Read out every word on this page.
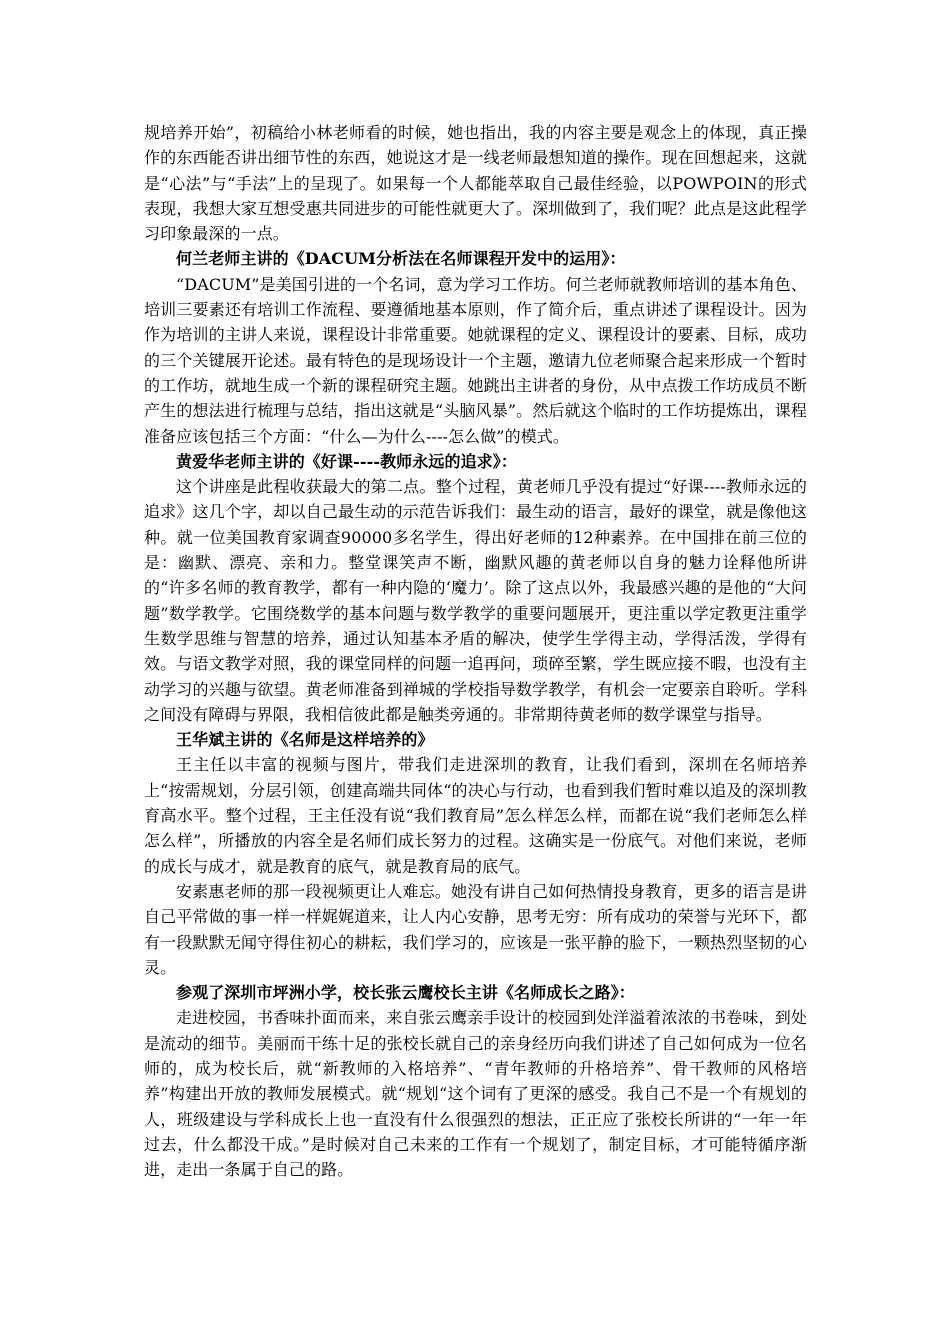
规培养开始”，初稿给小林老师看的时候，她也指出，我的内容主要是观念上的体现，真正操作的东西能否讲出细节性的东西，她说这才是一线老师最想知道的操作。现在回想起来，这就是“心法”与“手法”上的呈现了。如果每一个人都能萃取自己最佳经验，以POWPOIN的形式表现，我想大家互想受惠共同进步的可能性就更大了。深圳做到了，我们呢？此点是这此程学习印象最深的一点。

何兰老师主讲的《DACUM分析法在名师课程开发中的运用》：

“DACUM”是美国引进的一个名词，意为学习工作坊。何兰老师就教师培训的基本角色、培训三要素还有培训工作流程、要遵循地基本原则，作了简介后，重点讲述了课程设计。因为作为培训的主讲人来说，课程设计非常重要。她就课程的定义、课程设计的要素、目标，成功的三个关键展开论述。最有特色的是现场设计一个主题，邀请九位老师聚合起来形成一个暂时的工作坊，就地生成一个新的课程研究主题。她跳出主讲者的身份，从中点拨工作坊成员不断产生的想法进行梳理与总结，指出这就是“头脑风暴”。然后就这个临时的工作坊提炼出，课程准备应该包括三个方面：“什么—为什么----怎么做”的模式。

黄爱华老师主讲的《好课----教师永远的追求》：

这个讲座是此程收获最大的第二点。整个过程，黄老师几乎没有提过“好课----教师永远的追求》这几个字，却以自己最生动的示范告诉我们：最生动的语言，最好的课堂，就是像他这种。就一位美国教育家调查90000多名学生，得出好老师的12种素养。在中国排在前三位的是：幽默、漂亮、亲和力。整堂课笑声不断，幽默风趣的黄老师以自身的魅力诠释他所讲的“许多名师的教育教学，都有一种内隐的‘魔力’。除了这点以外，我最感兴趣的是他的“大问题”数学教学。它围绕数学的基本问题与数学教学的重要问题展开，更注重以学定教更注重学生数学思维与智慧的培养，通过认知基本矛盾的解决，使学生学得主动，学得活泼，学得有效。与语文教学对照，我的课堂同样的问题一追再问，琐碎至繁，学生既应接不暇，也没有主动学习的兴趣与欲望。黄老师准备到禅城的学校指导数学教学，有机会一定要亲自聆听。学科之间没有障碍与界限，我相信彼此都是触类旁通的。非常期待黄老师的数学课堂与指导。

王华斌主讲的《名师是这样培养的》

王主任以丰富的视频与图片，带我们走进深圳的教育，让我们看到，深圳在名师培养上“按需规划，分层引领，创建高端共同体“的决心与行动，也看到我们暂时难以追及的深圳教育高水平。整个过程，王主任没有说“我们教育局”怎么样怎么样，而都在说“我们老师怎么样怎么样”，所播放的内容全是名师们成长努力的过程。这确实是一份底气。对他们来说，老师的成长与成才，就是教育的底气，就是教育局的底气。

安素惠老师的那一段视频更让人难忘。她没有讲自己如何热情投身教育，更多的语言是讲自己平常做的事一样一样娓娓道来，让人内心安静，思考无穷：所有成功的荣誉与光环下，都有一段默默无闻守得住初心的耕耘，我们学习的，应该是一张平静的脸下，一颗热烈坚韧的心灵。

参观了深圳市坪洲小学，校长张云鹰校长主讲《名师成长之路》：

走进校园，书香味扑面而来，来自张云鹰亲手设计的校园到处洋溢着浓浓的书卷味，到处是流动的细节。美丽而干练十足的张校长就自己的亲身经历向我们讲述了自己如何成为一位名师的，成为校长后，就“新教师的入格培养”、“青年教师的升格培养”、骨干教师的风格培养”构建出开放的教师发展模式。就“规划“这个词有了更深的感受。我自己不是一个有规划的人，班级建设与学科成长上也一直没有什么很强烈的想法，正正应了张校长所讲的“一年一年过去，什么都没干成。”是时候对自己未来的工作有一个规划了，制定目标，才可能特循序渐进，走出一条属于自己的路。
